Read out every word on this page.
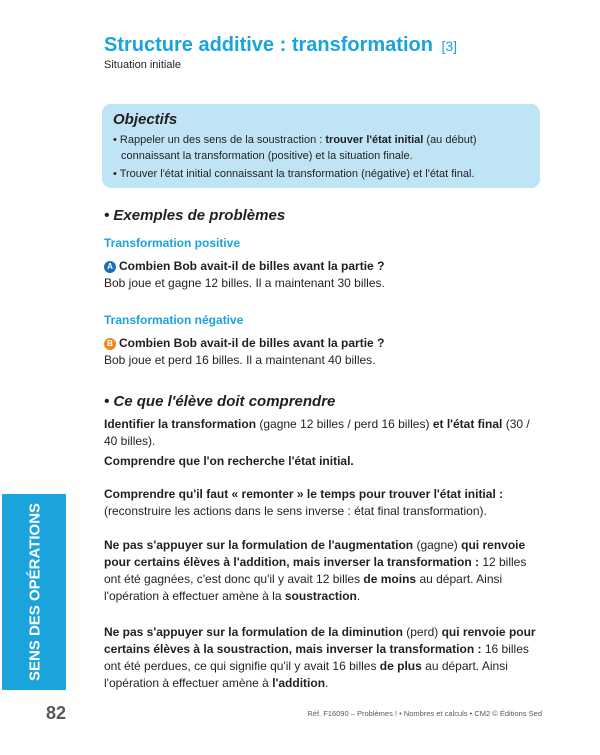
Structure additive : transformation [3]
Situation initiale
Objectifs
• Rappeler un des sens de la soustraction : trouver l'état initial (au début) connaissant la transformation (positive) et la situation finale.
• Trouver l'état initial connaissant la transformation (négative) et l'état final.
• Exemples de problèmes
Transformation positive
A Combien Bob avait-il de billes avant la partie ?
Bob joue et gagne 12 billes. Il a maintenant 30 billes.
Transformation négative
B Combien Bob avait-il de billes avant la partie ?
Bob joue et perd 16 billes. Il a maintenant 40 billes.
• Ce que l'élève doit comprendre
Identifier la transformation (gagne 12 billes / perd 16 billes) et l'état final (30 / 40 billes).
Comprendre que l'on recherche l'état initial.
Comprendre qu'il faut « remonter » le temps pour trouver l'état initial : (reconstruire les actions dans le sens inverse : état final transformation).
Ne pas s'appuyer sur la formulation de l'augmentation (gagne) qui renvoie pour certains élèves à l'addition, mais inverser la transformation : 12 billes ont été gagnées, c'est donc qu'il y avait 12 billes de moins au départ. Ainsi l'opération à effectuer amène à la soustraction.
Ne pas s'appuyer sur la formulation de la diminution (perd) qui renvoie pour certains élèves à la soustraction, mais inverser la transformation : 16 billes ont été perdues, ce qui signifie qu'il y avait 16 billes de plus au départ. Ainsi l'opération à effectuer amène à l'addition.
SENS DES OPÉRATIONS
82	Réf. F16090 – Problèmes ! • Nombres et calculs • CM2 © Éditions Sed
